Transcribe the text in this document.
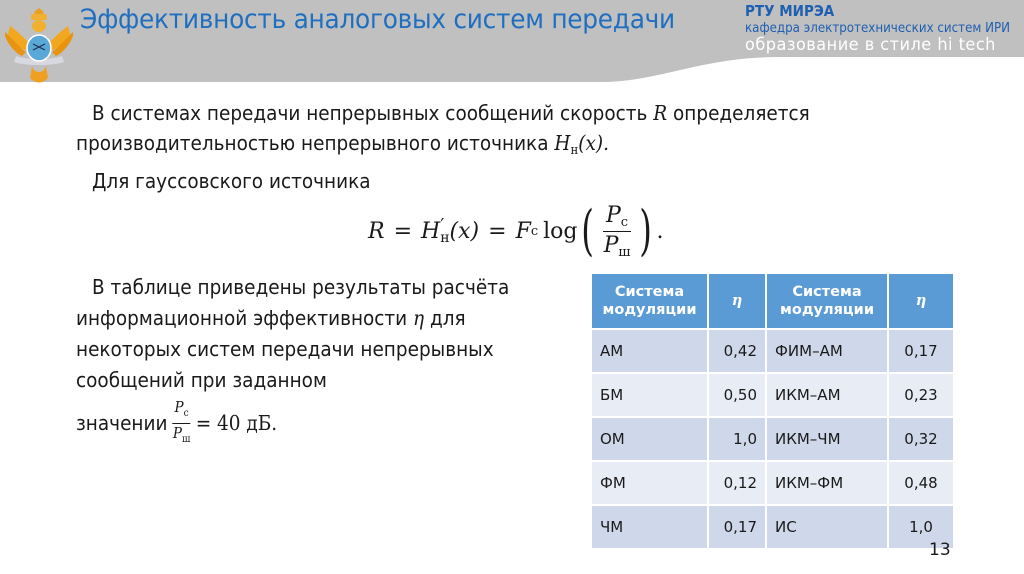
Эффективность аналоговых систем передачи	РТУ МИРЭА
кафедра электротехнических систем ИРИ
образование в стиле hi tech
В системах передачи непрерывных сообщений скорость R определяется
производительностью непрерывного источника $H_н(x)$.
Для гауссовского источника
R = H ′
н (x) = F c log ( $\frac{P_c}{P_ш}$ ) .
В таблице приведены результаты расчёта
информационной эффективности η для
некоторых систем передачи непрерывных
сообщений при заданном
значении $\frac{P_c}{P_ш} = 40$ дБ.
Система модуляции	η	Система модуляции	η
АМ	0,42	ФИМ–АМ	0,17
БМ	0,50	ИКМ–АМ	0,23
ОМ	1,0	ИКМ–ЧМ	0,32
ФМ	0,12	ИКМ–ФМ	0,48
ЧМ	0,17	ИС	1,0
13
